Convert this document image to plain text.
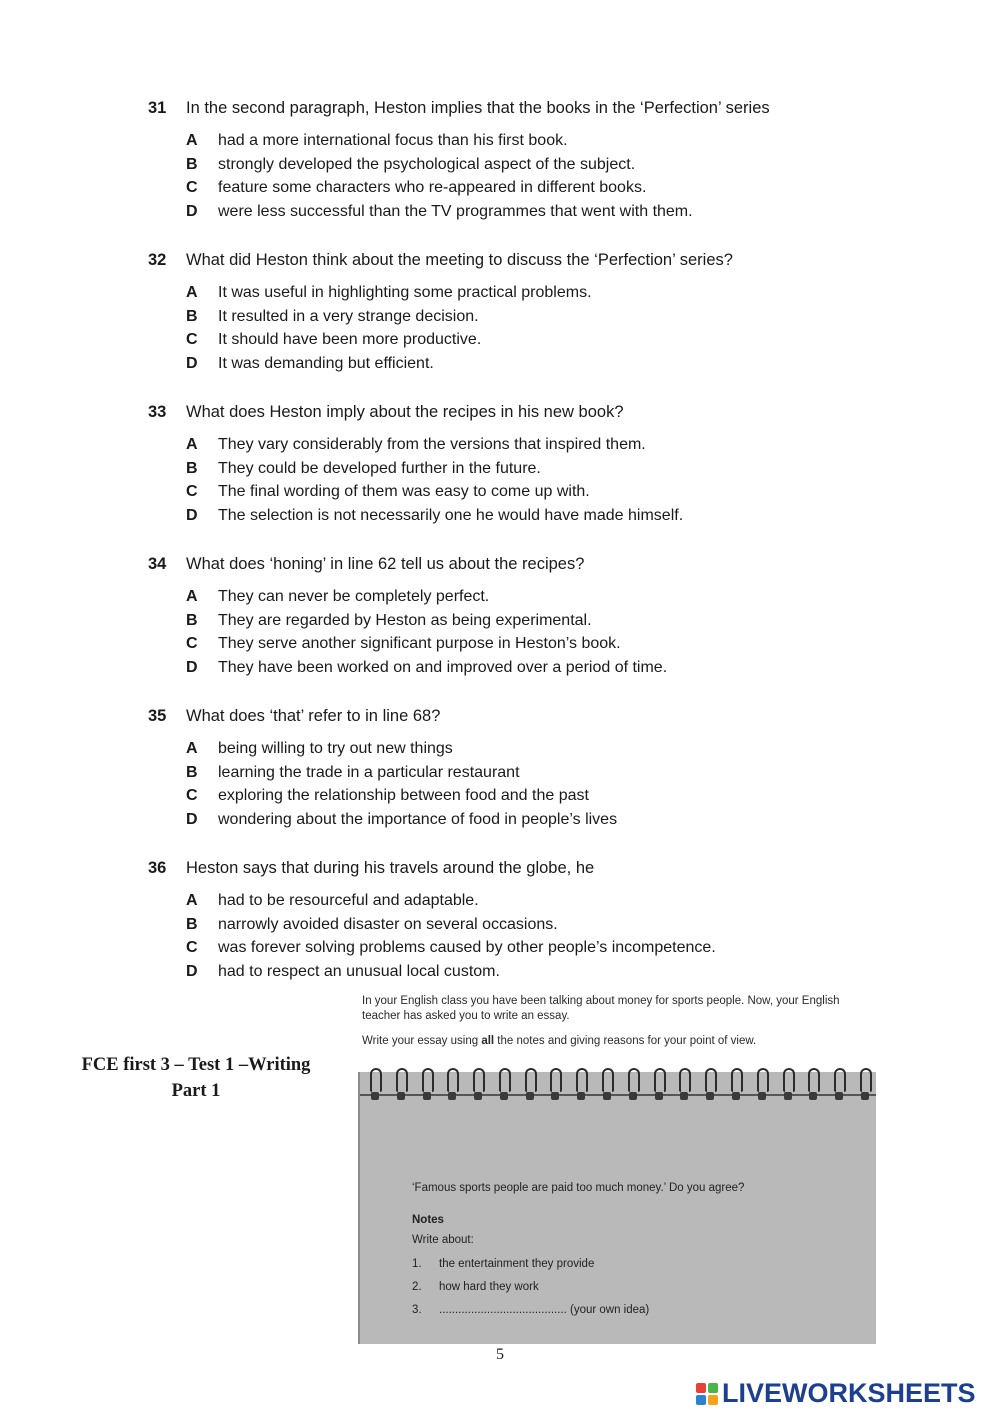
31	In the second paragraph, Heston implies that the books in the ‘Perfection’ series
A	had a more international focus than his first book.
B	strongly developed the psychological aspect of the subject.
C	feature some characters who re-appeared in different books.
D	were less successful than the TV programmes that went with them.
32	What did Heston think about the meeting to discuss the ‘Perfection’ series?
A	It was useful in highlighting some practical problems.
B	It resulted in a very strange decision.
C	It should have been more productive.
D	It was demanding but efficient.
33	What does Heston imply about the recipes in his new book?
A	They vary considerably from the versions that inspired them.
B	They could be developed further in the future.
C	The final wording of them was easy to come up with.
D	The selection is not necessarily one he would have made himself.
34	What does ‘honing’ in line 62 tell us about the recipes?
A	They can never be completely perfect.
B	They are regarded by Heston as being experimental.
C	They serve another significant purpose in Heston’s book.
D	They have been worked on and improved over a period of time.
35	What does ‘that’ refer to in line 68?
A	being willing to try out new things
B	learning the trade in a particular restaurant
C	exploring the relationship between food and the past
D	wondering about the importance of food in people’s lives
36	Heston says that during his travels around the globe, he
A	had to be resourceful and adaptable.
B	narrowly avoided disaster on several occasions.
C	was forever solving problems caused by other people’s incompetence.
D	had to respect an unusual local custom.
FCE first 3 – Test 1 –Writing
Part 1

In your English class you have been talking about money for sports people. Now, your English teacher has asked you to write an essay.

Write your essay using all the notes and giving reasons for your point of view.

‘Famous sports people are paid too much money.’ Do you agree?
Notes
Write about:
1.	the entertainment they provide
2.	how hard they work
3.	........................................ (your own idea)
5
LIVEWORKSHEETS
